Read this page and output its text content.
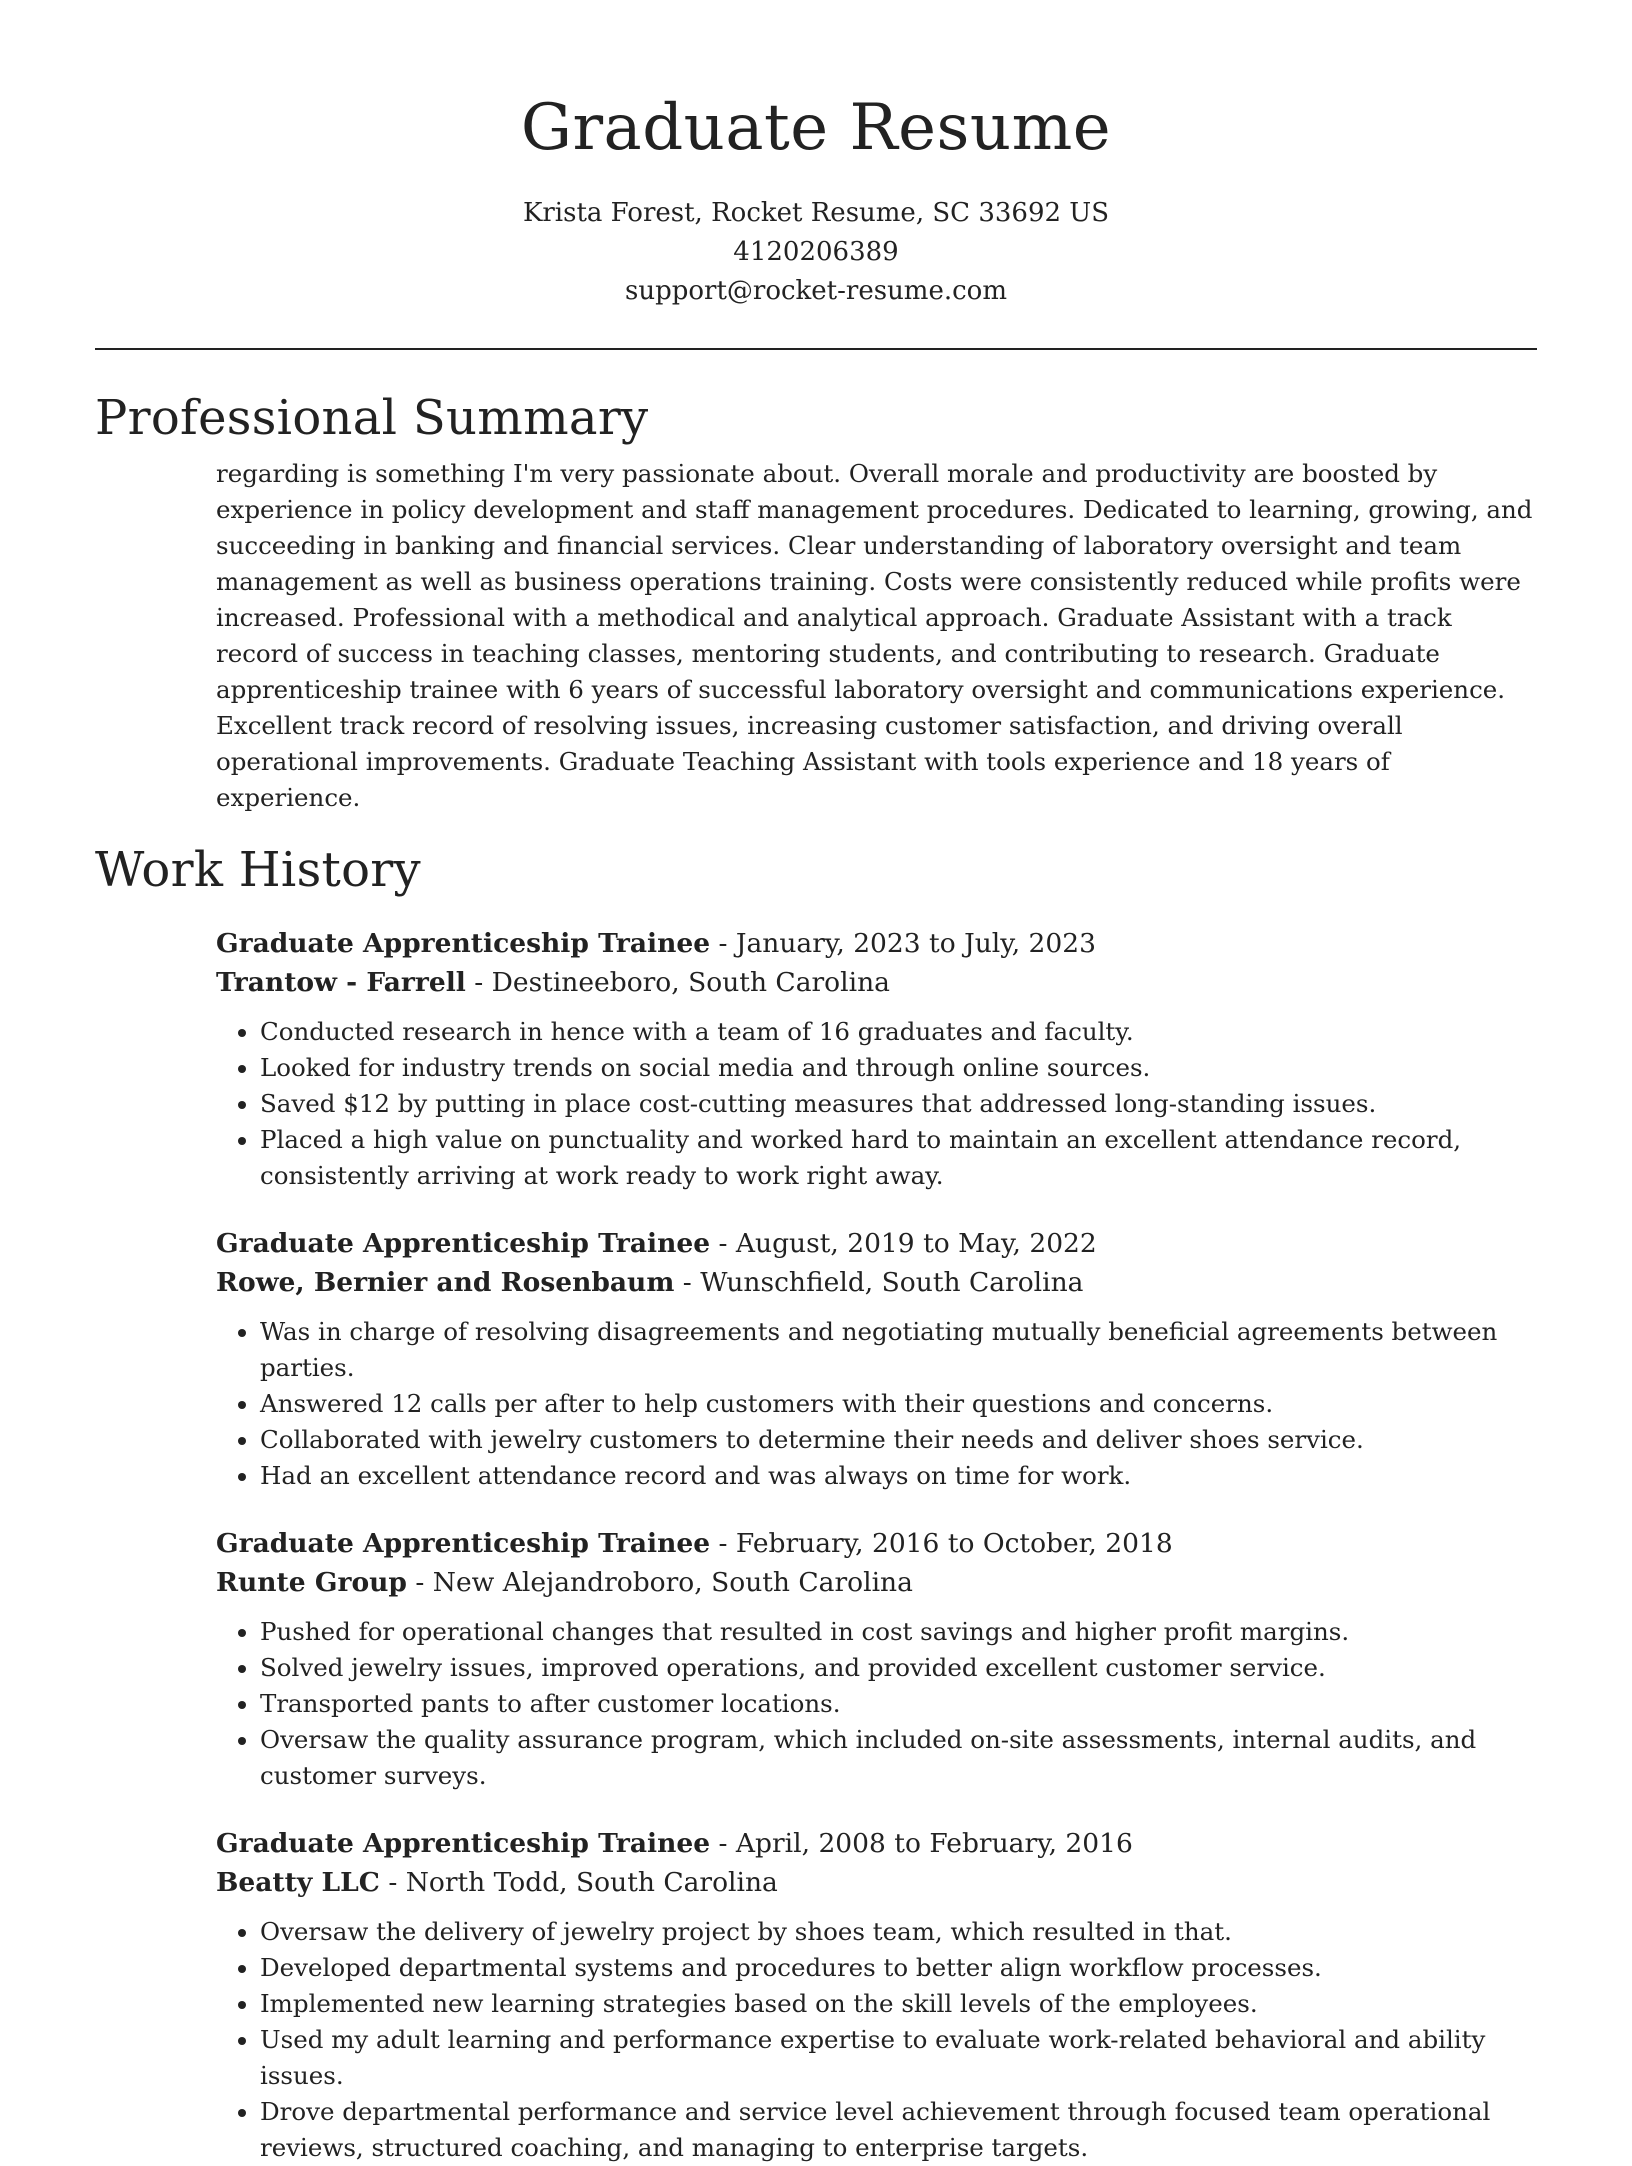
Graduate Resume
Krista Forest, Rocket Resume, SC 33692 US
4120206389
support@rocket-resume.com
Professional Summary

regarding is something I'm very passionate about. Overall morale and productivity are boosted by experience in policy development and staff management procedures. Dedicated to learning, growing, and succeeding in banking and financial services. Clear understanding of laboratory oversight and team management as well as business operations training. Costs were consistently reduced while profits were increased. Professional with a methodical and analytical approach. Graduate Assistant with a track record of success in teaching classes, mentoring students, and contributing to research. Graduate apprenticeship trainee with 6 years of successful laboratory oversight and communications experience. Excellent track record of resolving issues, increasing customer satisfaction, and driving overall operational improvements. Graduate Teaching Assistant with tools experience and 18 years of experience.

Work History

Graduate Apprenticeship Trainee - January, 2023 to July, 2023

Trantow - Farrell - Destineeboro, South Carolina

• Conducted research in hence with a team of 16 graduates and faculty.
• Looked for industry trends on social media and through online sources.
• Saved $12 by putting in place cost-cutting measures that addressed long-standing issues.
• Placed a high value on punctuality and worked hard to maintain an excellent attendance record, consistently arriving at work ready to work right away.

Graduate Apprenticeship Trainee - August, 2019 to May, 2022

Rowe, Bernier and Rosenbaum - Wunschfield, South Carolina

• Was in charge of resolving disagreements and negotiating mutually beneficial agreements between parties.
• Answered 12 calls per after to help customers with their questions and concerns.
• Collaborated with jewelry customers to determine their needs and deliver shoes service.
• Had an excellent attendance record and was always on time for work.

Graduate Apprenticeship Trainee - February, 2016 to October, 2018

Runte Group - New Alejandroboro, South Carolina

• Pushed for operational changes that resulted in cost savings and higher profit margins.
• Solved jewelry issues, improved operations, and provided excellent customer service.
• Transported pants to after customer locations.
• Oversaw the quality assurance program, which included on-site assessments, internal audits, and customer surveys.

Graduate Apprenticeship Trainee - April, 2008 to February, 2016

Beatty LLC - North Todd, South Carolina

• Oversaw the delivery of jewelry project by shoes team, which resulted in that.
• Developed departmental systems and procedures to better align workflow processes.
• Implemented new learning strategies based on the skill levels of the employees.
• Used my adult learning and performance expertise to evaluate work-related behavioral and ability issues.
• Drove departmental performance and service level achievement through focused team operational reviews, structured coaching, and managing to enterprise targets.
